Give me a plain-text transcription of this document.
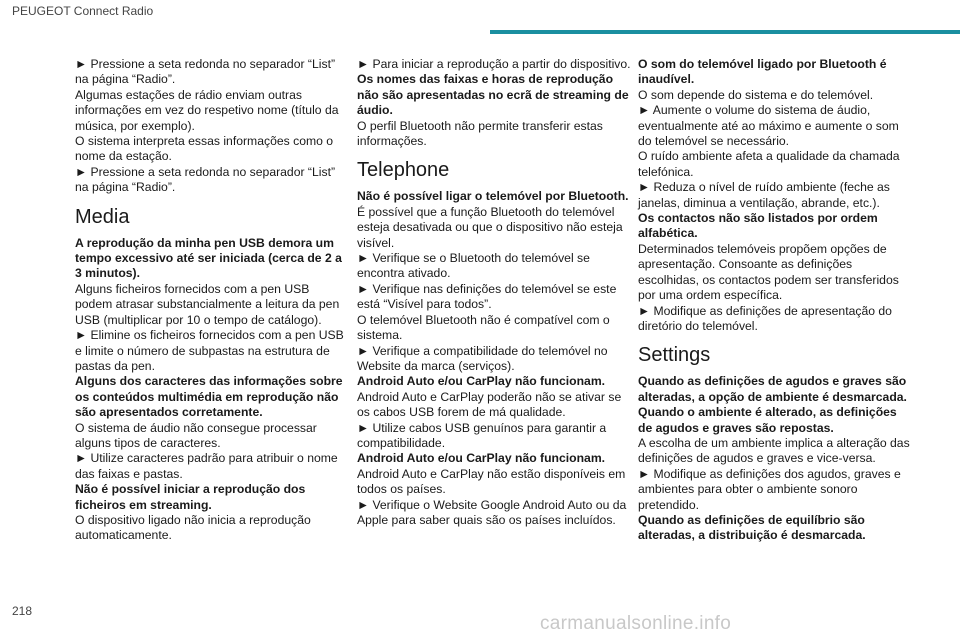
PEUGEOT Connect Radio

► Pressione a seta redonda no separador “List” na página “Radio”.

Algumas estações de rádio enviam outras informações em vez do respetivo nome (título da música, por exemplo).

O sistema interpreta essas informações como o nome da estação.

► Pressione a seta redonda no separador “List” na página “Radio”.

Media

A reprodução da minha pen USB demora um tempo excessivo até ser iniciada (cerca de 2 a 3 minutos).

Alguns ficheiros fornecidos com a pen USB podem atrasar substancialmente a leitura da pen USB (multiplicar por 10 o tempo de catálogo).

► Elimine os ficheiros fornecidos com a pen USB e limite o número de subpastas na estrutura de pastas da pen.

Alguns dos caracteres das informações sobre os conteúdos multimédia em reprodução não são apresentados corretamente.

O sistema de áudio não consegue processar alguns tipos de caracteres.

► Utilize caracteres padrão para atribuir o nome das faixas e pastas.

Não é possível iniciar a reprodução dos ficheiros em streaming.

O dispositivo ligado não inicia a reprodução automaticamente.

► Para iniciar a reprodução a partir do dispositivo.

Os nomes das faixas e horas de reprodução não são apresentadas no ecrã de streaming de áudio.

O perfil Bluetooth não permite transferir estas informações.

Telephone

Não é possível ligar o telemóvel por Bluetooth.

É possível que a função Bluetooth do telemóvel esteja desativada ou que o dispositivo não esteja visível.

► Verifique se o Bluetooth do telemóvel se encontra ativado.

► Verifique nas definições do telemóvel se este está “Visível para todos”.

O telemóvel Bluetooth não é compatível com o sistema.

► Verifique a compatibilidade do telemóvel no Website da marca (serviços).

Android Auto e/ou CarPlay não funcionam.

Android Auto e CarPlay poderão não se ativar se os cabos USB forem de má qualidade.

► Utilize cabos USB genuínos para garantir a compatibilidade.

Android Auto e/ou CarPlay não funcionam.

Android Auto e CarPlay não estão disponíveis em todos os países.

► Verifique o Website Google Android Auto ou da Apple para saber quais são os países incluídos.

O som do telemóvel ligado por Bluetooth é inaudível.

O som depende do sistema e do telemóvel.

► Aumente o volume do sistema de áudio, eventualmente até ao máximo e aumente o som do telemóvel se necessário.

O ruído ambiente afeta a qualidade da chamada telefónica.

► Reduza o nível de ruído ambiente (feche as janelas, diminua a ventilação, abrande, etc.).

Os contactos não são listados por ordem alfabética.

Determinados telemóveis propõem opções de apresentação. Consoante as definições escolhidas, os contactos podem ser transferidos por uma ordem específica.

► Modifique as definições de apresentação do diretório do telemóvel.

Settings

Quando as definições de agudos e graves são alteradas, a opção de ambiente é desmarcada.

Quando o ambiente é alterado, as definições de agudos e graves são repostas.

A escolha de um ambiente implica a alteração das definições de agudos e graves e vice-versa.

► Modifique as definições dos agudos, graves e ambientes para obter o ambiente sonoro pretendido.

Quando as definições de equilíbrio são alteradas, a distribuição é desmarcada.

218
carmanualsonline.info
